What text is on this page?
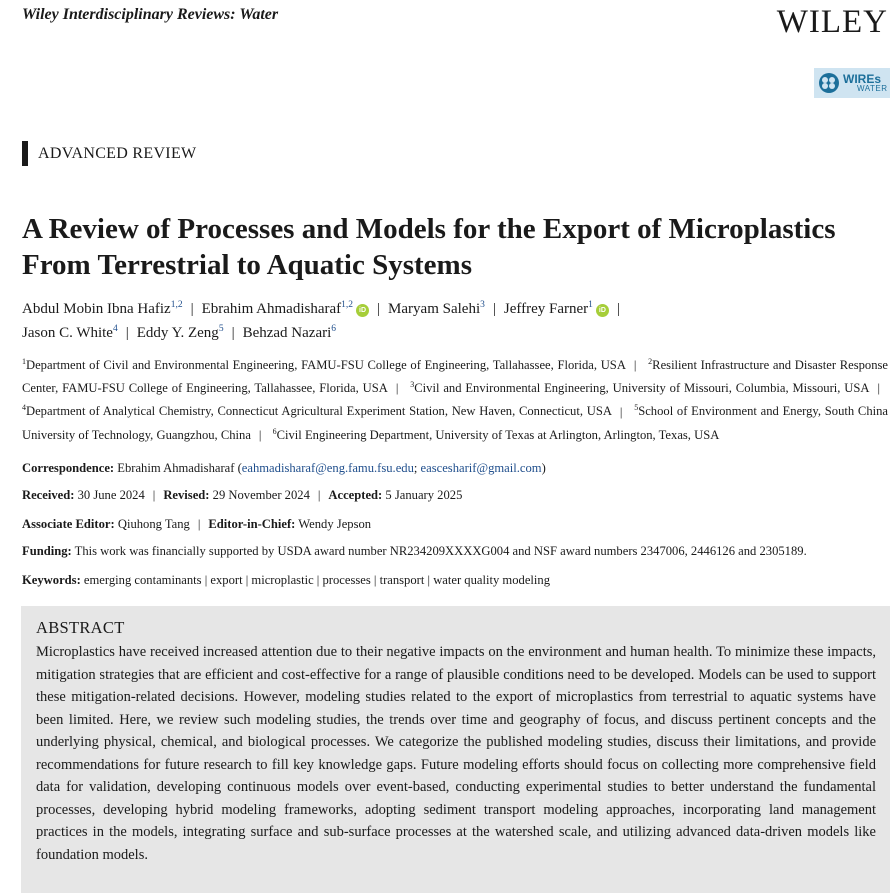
Wiley Interdisciplinary Reviews: Water	WILEY
WIREs
WATER
ADVANCED REVIEW
A Review of Processes and Models for the Export of Microplastics From Terrestrial to Aquatic Systems
Abdul Mobin Ibna Hafiz$^{1,2}$ | Ebrahim Ahmadisharaf$^{1,2}$iD | Maryam Salehi$^3$ | Jeffrey Farner$^1$iD |
Jason C. White$^4$ | Eddy Y. Zeng$^5$ | Behzad Nazari$^6$
$^1$Department of Civil and Environmental Engineering, FAMU-FSU College of Engineering, Tallahassee, Florida, USA | $^2$Resilient Infrastructure and Disaster Response Center, FAMU-FSU College of Engineering, Tallahassee, Florida, USA | $^3$Civil and Environmental Engineering, University of Missouri, Columbia, Missouri, USA | $^4$Department of Analytical Chemistry, Connecticut Agricultural Experiment Station, New Haven, Connecticut, USA | $^5$School of Environment and Energy, South China University of Technology, Guangzhou, China | $^6$Civil Engineering Department, University of Texas at Arlington, Arlington, Texas, USA
Correspondence: Ebrahim Ahmadisharaf (eahmadisharaf@eng.famu.fsu.edu; eascesharif@gmail.com)
Received: 30 June 2024 | Revised: 29 November 2024 | Accepted: 5 January 2025
Associate Editor: Qiuhong Tang | Editor-in-Chief: Wendy Jepson
Funding: This work was financially supported by USDA award number NR234209XXXXG004 and NSF award numbers 2347006, 2446126 and 2305189.
Keywords: emerging contaminants | export | microplastic | processes | transport | water quality modeling
ABSTRACT

Microplastics have received increased attention due to their negative impacts on the environment and human health. To minimize these impacts, mitigation strategies that are efficient and cost-effective for a range of plausible conditions need to be developed. Models can be used to support these mitigation-related decisions. However, modeling studies related to the export of microplastics from terrestrial to aquatic systems have been limited. Here, we review such modeling studies, the trends over time and geography of focus, and discuss pertinent concepts and the underlying physical, chemical, and biological processes. We categorize the published modeling studies, discuss their limitations, and provide recommendations for future research to fill key knowledge gaps. Future modeling efforts should focus on collecting more comprehensive field data for validation, developing continuous models over event-based, conducting experimental studies to better understand the fundamental processes, developing hybrid modeling frameworks, adopting sediment transport modeling approaches, incorporating land management practices in the models, integrating surface and sub-surface processes at the watershed scale, and utilizing advanced data-driven models like foundation models.
